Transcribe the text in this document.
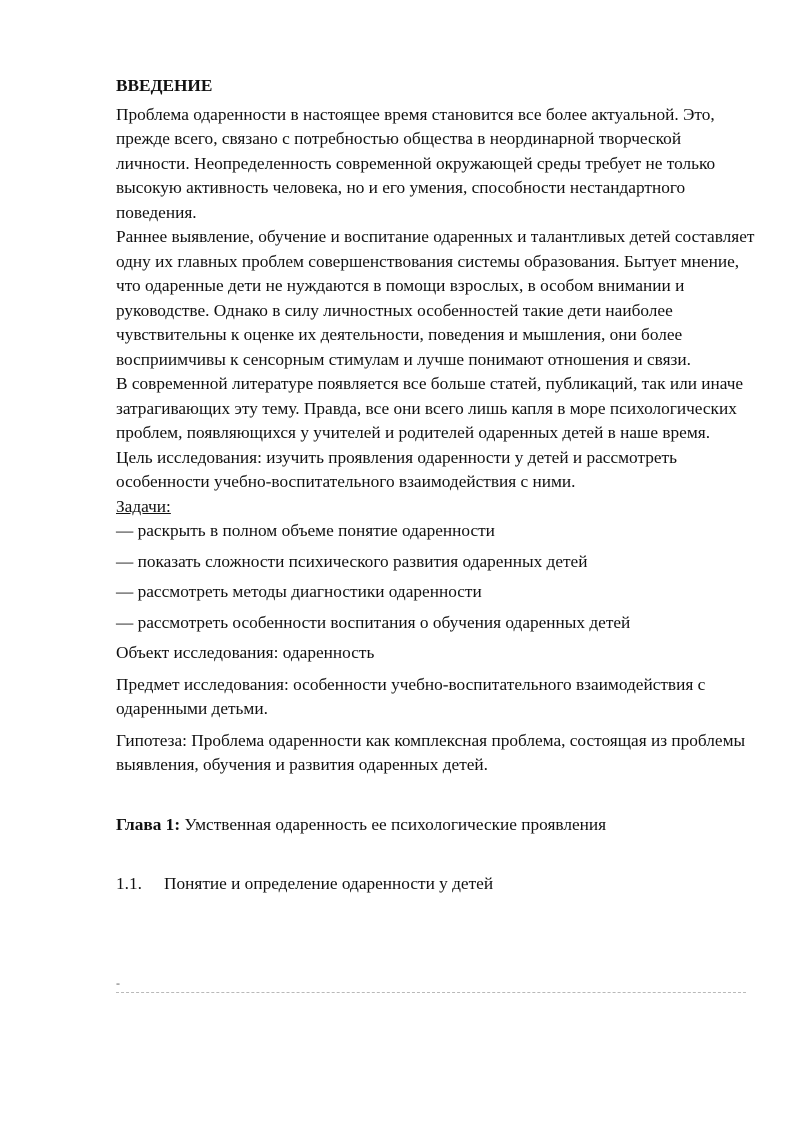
ВВЕДЕНИЕ

Проблема одаренности в настоящее время становится все более актуальной. Это, прежде всего, связано с потребностью общества в неординарной творческой личности. Неопределенность современной окружающей среды требует не только высокую активность человека, но и его умения, способности нестандартного поведения.

Раннее выявление, обучение и воспитание одаренных и талантливых детей составляет одну их главных проблем совершенствования системы образования. Бытует мнение, что одаренные дети не нуждаются в помощи взрослых, в особом внимании и руководстве. Однако в силу личностных особенностей такие дети наиболее чувствительны к оценке их деятельности, поведения и мышления, они более восприимчивы к сенсорным стимулам и лучше понимают отношения и связи.

В современной литературе появляется все больше статей, публикаций, так или иначе затрагивающих эту тему. Правда, все они всего лишь капля в море психологических проблем, появляющихся у учителей и родителей одаренных детей в наше время.

Цель исследования: изучить проявления одаренности у детей и рассмотреть особенности учебно-воспитательного взаимодействия с ними.

Задачи:

— раскрыть в полном объеме понятие одаренности

— показать сложности психического развития одаренных детей

— рассмотреть методы диагностики одаренности

— рассмотреть особенности воспитания о обучения одаренных детей

Объект исследования: одаренность

Предмет исследования: особенности учебно-воспитательного взаимодействия с одаренными детьми.

Гипотеза: Проблема одаренности как комплексная проблема, состоящая из проблемы выявления, обучения и развития одаренных детей.

Глава 1: Умственная одаренность ее психологические проявления

1.1. Понятие и определение одаренности у детей

-
